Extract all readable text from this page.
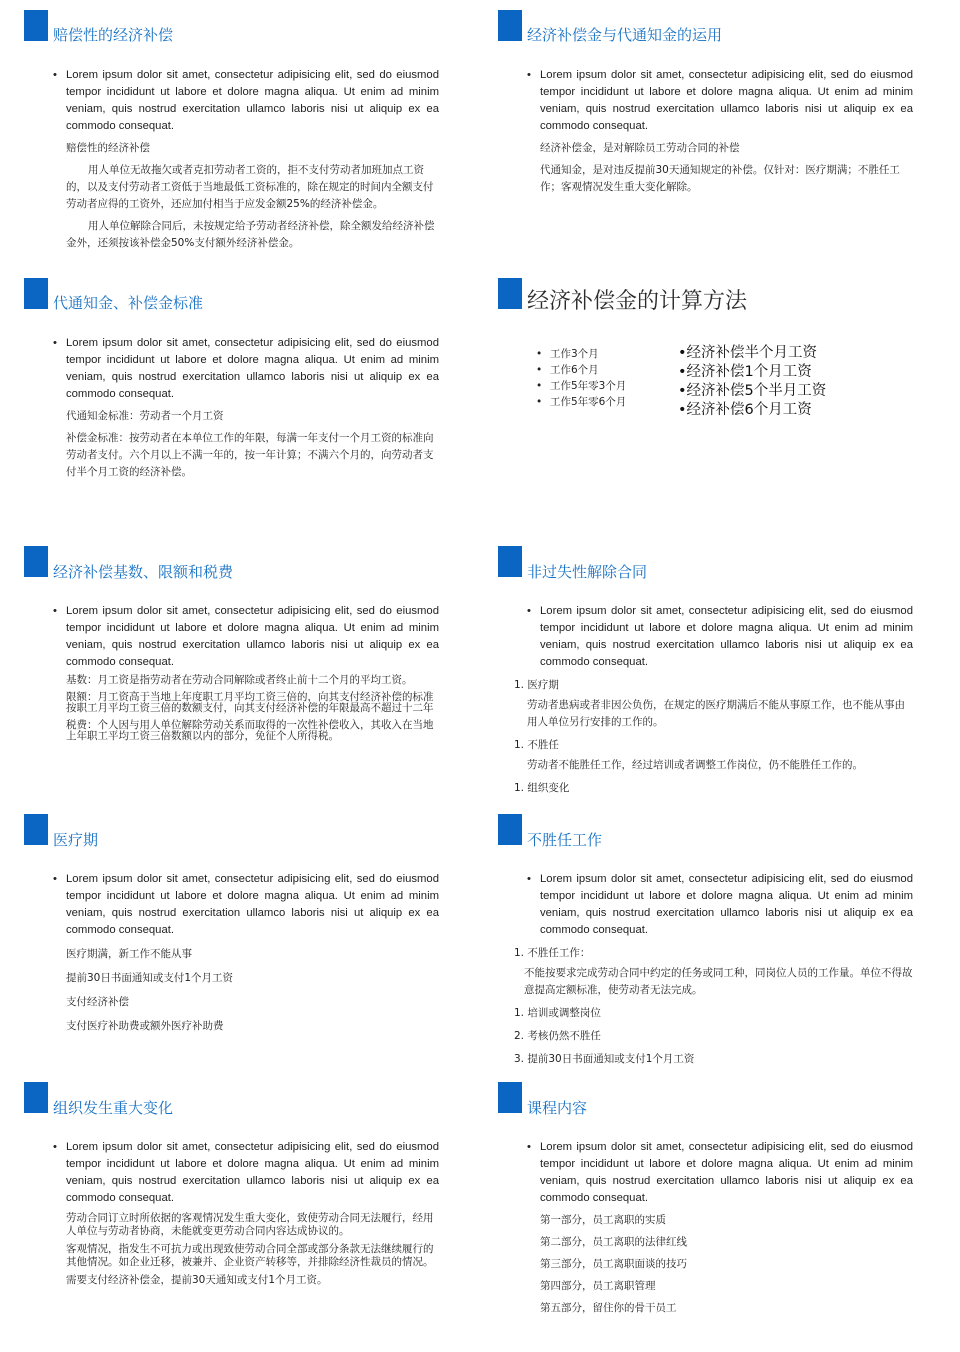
赔偿性的经济补偿
• Lorem ipsum dolor sit amet, consectetur adipisicing elit, sed do eiusmod tempor incididunt ut labore et dolore magna aliqua. Ut enim ad minim veniam, quis nostrud exercitation ullamco laboris nisi ut aliquip ex ea commodo consequat.
赔偿性的经济补偿
用人单位无故拖欠或者克扣劳动者工资的，拒不支付劳动者加班加点工资的，以及支付劳动者工资低于当地最低工资标准的，除在规定的时间内全额支付劳动者应得的工资外，还应加付相当于应发金额25%的经济补偿金。
用人单位解除合同后，未按规定给予劳动者经济补偿，除全额发给经济补偿金外，还须按该补偿金50%支付额外经济补偿金。
经济补偿金与代通知金的运用
• Lorem ipsum dolor sit amet, consectetur adipisicing elit, sed do eiusmod tempor incididunt ut labore et dolore magna aliqua. Ut enim ad minim veniam, quis nostrud exercitation ullamco laboris nisi ut aliquip ex ea commodo consequat.
经济补偿金，是对解除员工劳动合同的补偿
代通知金，是对违反提前30天通知规定的补偿。仅针对：医疗期满；不胜任工作；客观情况发生重大变化解除。
代通知金、补偿金标准
• Lorem ipsum dolor sit amet, consectetur adipisicing elit, sed do eiusmod tempor incididunt ut labore et dolore magna aliqua. Ut enim ad minim veniam, quis nostrud exercitation ullamco laboris nisi ut aliquip ex ea commodo consequat.
代通知金标准：劳动者一个月工资
补偿金标准：按劳动者在本单位工作的年限，每满一年支付一个月工资的标准向劳动者支付。六个月以上不满一年的，按一年计算；不满六个月的，向劳动者支付半个月工资的经济补偿。
经济补偿金的计算方法
• 工作3个月
• 工作6个月
• 工作5年零3个月
• 工作5年零6个月
•经济补偿半个月工资
•经济补偿1个月工资
•经济补偿5个半月工资
•经济补偿6个月工资
经济补偿基数、限额和税费
• Lorem ipsum dolor sit amet, consectetur adipisicing elit, sed do eiusmod tempor incididunt ut labore et dolore magna aliqua. Ut enim ad minim veniam, quis nostrud exercitation ullamco laboris nisi ut aliquip ex ea commodo consequat.
基数：月工资是指劳动者在劳动合同解除或者终止前十二个月的平均工资。
限额：月工资高于当地上年度职工月平均工资三倍的，向其支付经济补偿的标准按职工月平均工资三倍的数额支付，向其支付经济补偿的年限最高不超过十二年
税费：个人因与用人单位解除劳动关系而取得的一次性补偿收入，其收入在当地上年职工平均工资三倍数额以内的部分，免征个人所得税。
非过失性解除合同
• Lorem ipsum dolor sit amet, consectetur adipisicing elit, sed do eiusmod tempor incididunt ut labore et dolore magna aliqua. Ut enim ad minim veniam, quis nostrud exercitation ullamco laboris nisi ut aliquip ex ea commodo consequat.
1. 医疗期
劳动者患病或者非因公负伤，在规定的医疗期满后不能从事原工作，也不能从事由用人单位另行安排的工作的。
1. 不胜任
劳动者不能胜任工作，经过培训或者调整工作岗位，仍不能胜任工作的。
1. 组织变化
医疗期
• Lorem ipsum dolor sit amet, consectetur adipisicing elit, sed do eiusmod tempor incididunt ut labore et dolore magna aliqua. Ut enim ad minim veniam, quis nostrud exercitation ullamco laboris nisi ut aliquip ex ea commodo consequat.
医疗期满，新工作不能从事
提前30日书面通知或支付1个月工资
支付经济补偿
支付医疗补助费或额外医疗补助费
不胜任工作
• Lorem ipsum dolor sit amet, consectetur adipisicing elit, sed do eiusmod tempor incididunt ut labore et dolore magna aliqua. Ut enim ad minim veniam, quis nostrud exercitation ullamco laboris nisi ut aliquip ex ea commodo consequat.
1. 不胜任工作：
不能按要求完成劳动合同中约定的任务或同工种，同岗位人员的工作量。单位不得故意提高定额标准，使劳动者无法完成。
1. 培训或调整岗位
2. 考核仍然不胜任
3. 提前30日书面通知或支付1个月工资
组织发生重大变化
• Lorem ipsum dolor sit amet, consectetur adipisicing elit, sed do eiusmod tempor incididunt ut labore et dolore magna aliqua. Ut enim ad minim veniam, quis nostrud exercitation ullamco laboris nisi ut aliquip ex ea commodo consequat.
劳动合同订立时所依据的客观情况发生重大变化，致使劳动合同无法履行，经用人单位与劳动者协商，未能就变更劳动合同内容达成协议的。
客观情况，指发生不可抗力或出现致使劳动合同全部或部分条款无法继续履行的其他情况。如企业迁移，被兼并、企业资产转移等，并排除经济性裁员的情况。
需要支付经济补偿金，提前30天通知或支付1个月工资。
课程内容
• Lorem ipsum dolor sit amet, consectetur adipisicing elit, sed do eiusmod tempor incididunt ut labore et dolore magna aliqua. Ut enim ad minim veniam, quis nostrud exercitation ullamco laboris nisi ut aliquip ex ea commodo consequat.
第一部分，员工离职的实质
第二部分，员工离职的法律红线
第三部分，员工离职面谈的技巧
第四部分，员工离职管理
第五部分，留住你的骨干员工
